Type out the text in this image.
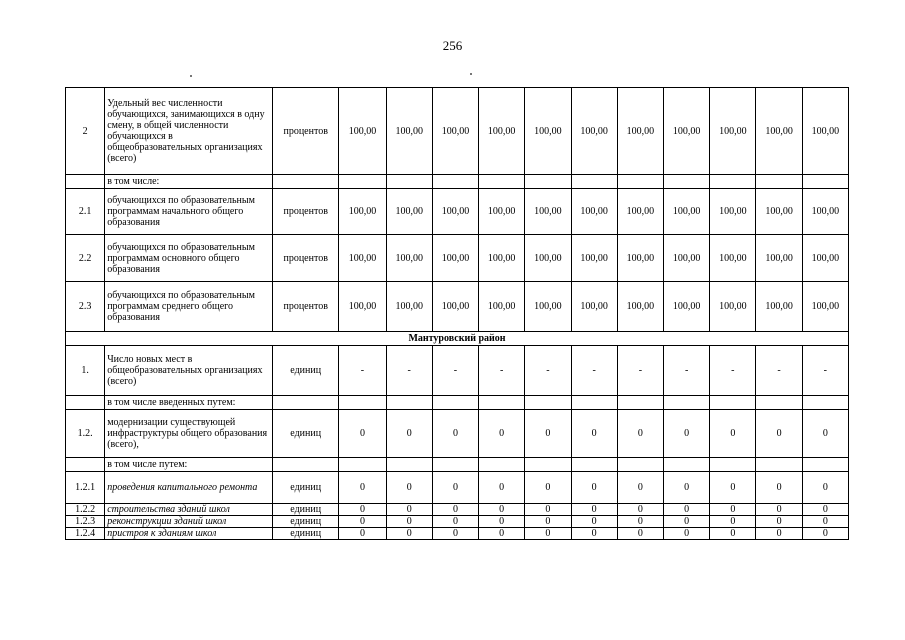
256
2	Удельный вес численности обучающихся, занимающихся в одну смену, в общей численности обучающихся в общеобразовательных организациях (всего)	процентов	100,00	100,00	100,00	100,00	100,00	100,00	100,00	100,00	100,00	100,00	100,00
	в том числе:												
2.1	обучающихся по образовательным программам начального общего образования	процентов	100,00	100,00	100,00	100,00	100,00	100,00	100,00	100,00	100,00	100,00	100,00
2.2	обучающихся по образовательным программам основного общего образования	процентов	100,00	100,00	100,00	100,00	100,00	100,00	100,00	100,00	100,00	100,00	100,00
2.3	обучающихся по образовательным программам среднего общего образования	процентов	100,00	100,00	100,00	100,00	100,00	100,00	100,00	100,00	100,00	100,00	100,00
Мантуровский район													
1.	Число новых мест в общеобразовательных организациях (всего)	единиц	-	-	-	-	-	-	-	-	-	-	-
	в том числе введенных путем:												
1.2.	модернизации существующей инфраструктуры общего образования (всего),	единиц	0	0	0	0	0	0	0	0	0	0	0
	в том числе путем:												
1.2.1	проведения капитального ремонта	единиц	0	0	0	0	0	0	0	0	0	0	0
1.2.2	строительства зданий школ	единиц	0	0	0	0	0	0	0	0	0	0	0
1.2.3	реконструкции зданий школ	единиц	0	0	0	0	0	0	0	0	0	0	0
1.2.4	пристроя к зданиям школ	единиц	0	0	0	0	0	0	0	0	0	0	0
